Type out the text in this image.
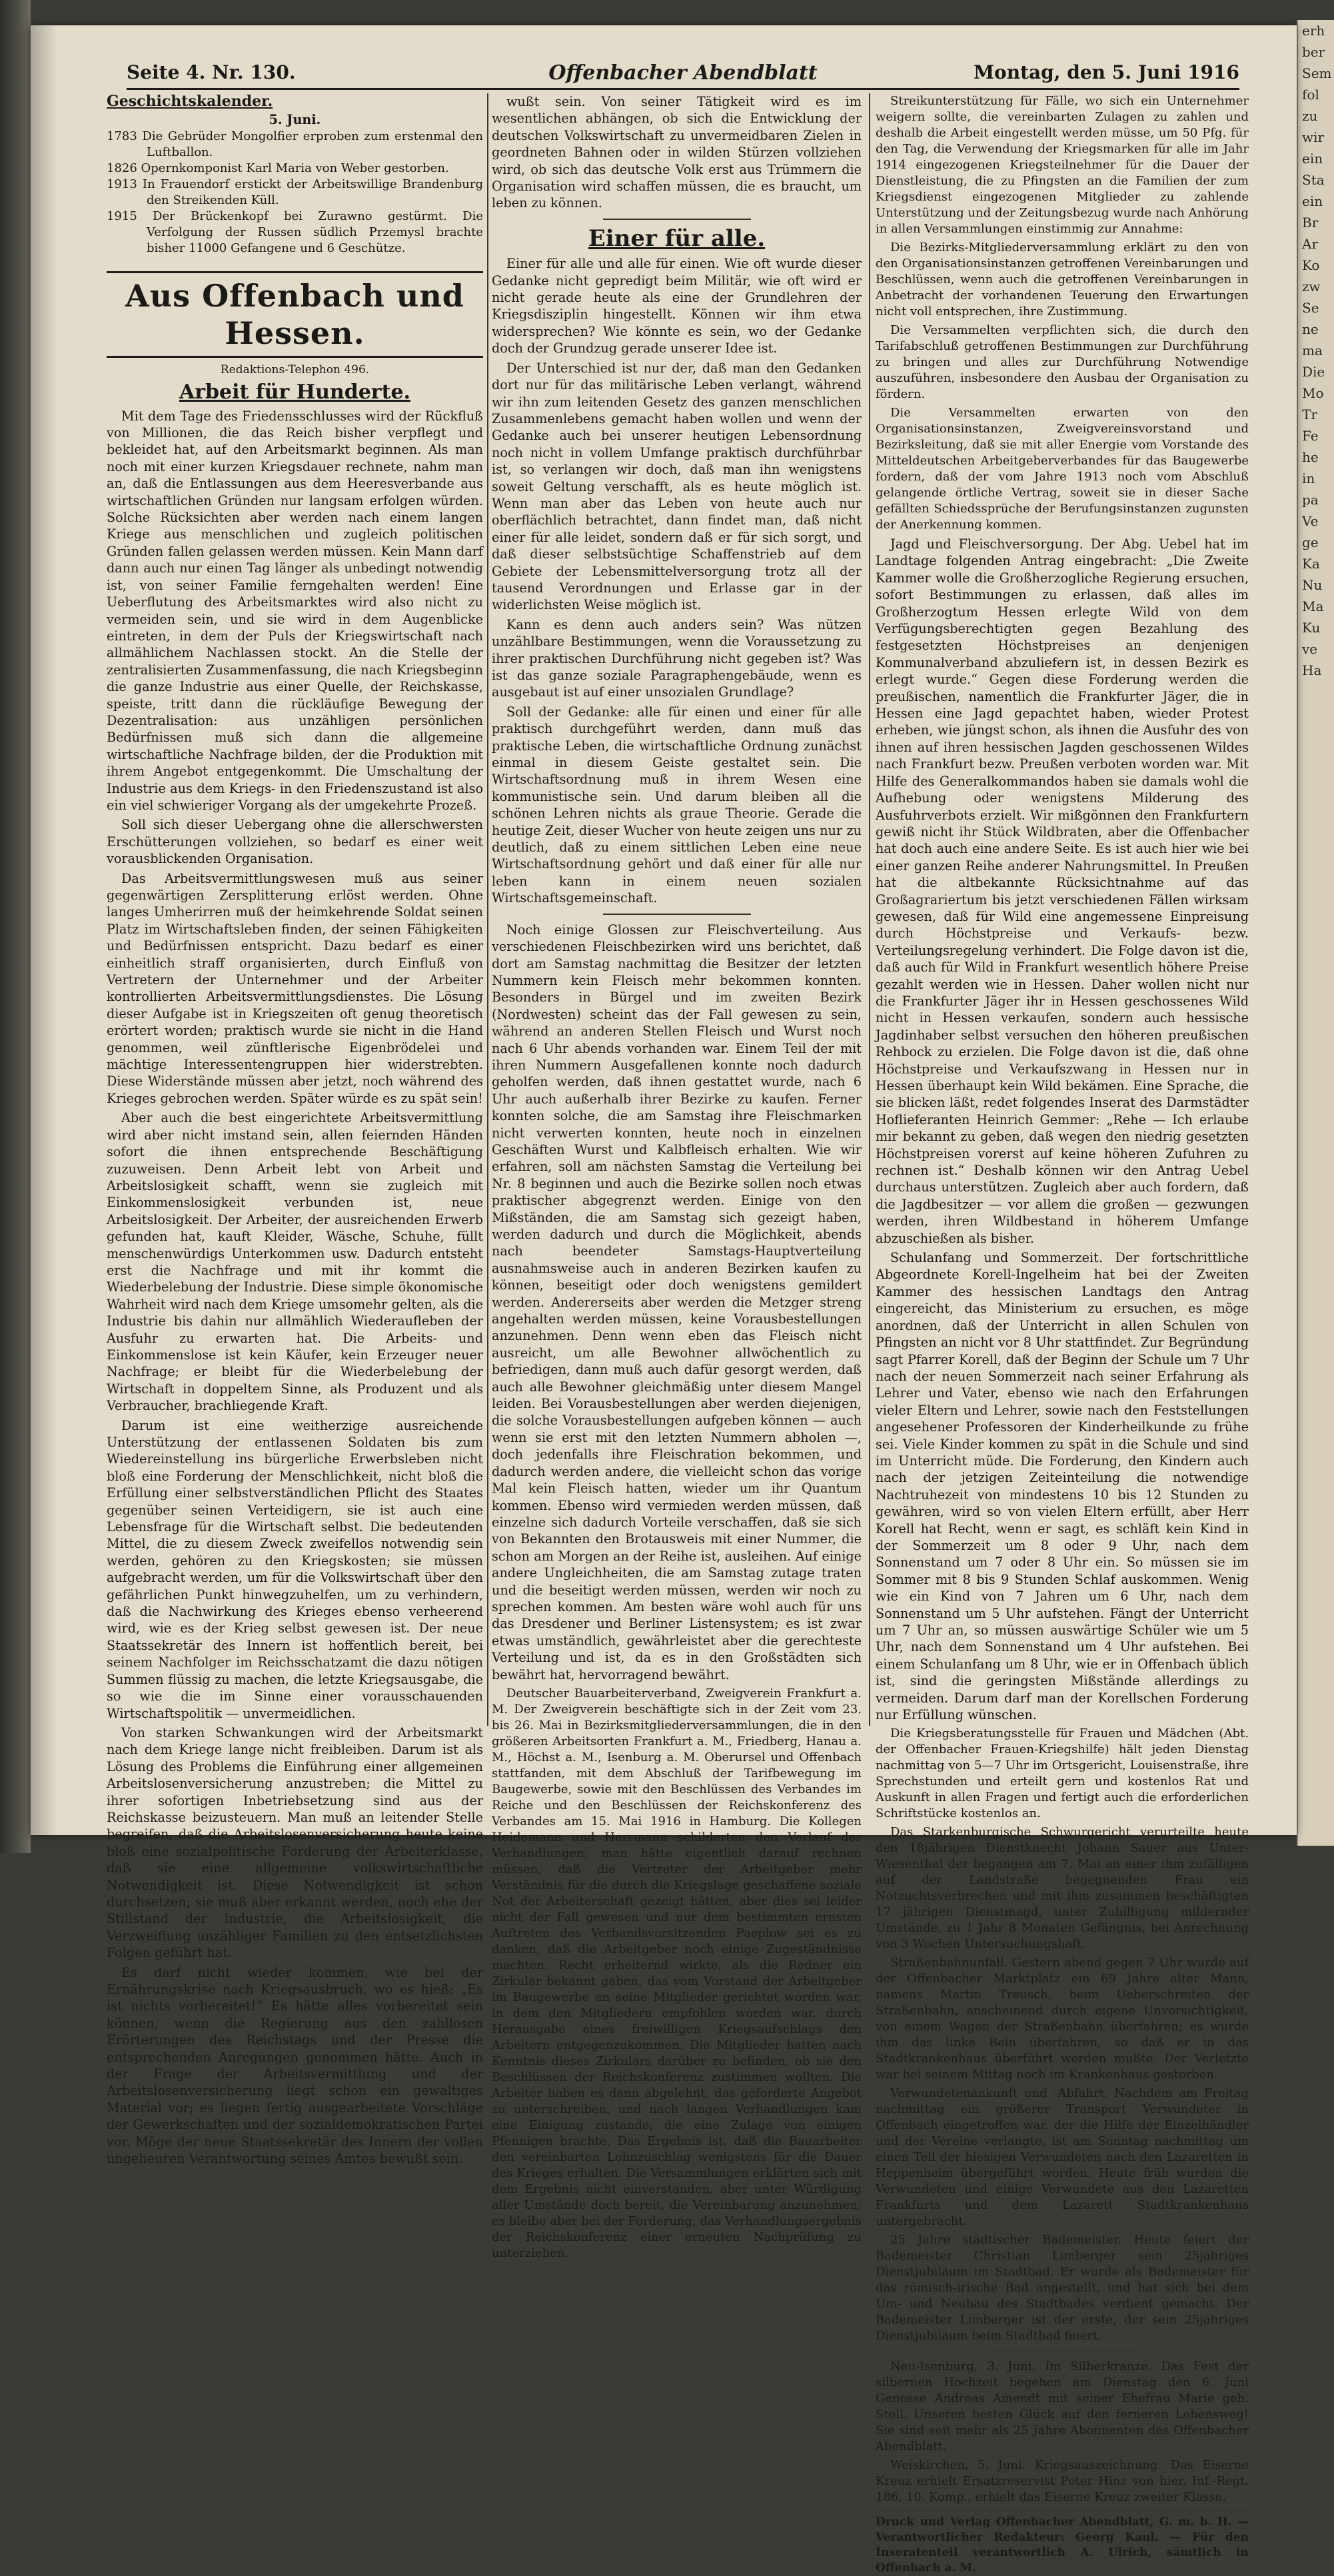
erh
ber
Sem
fol
zu
wir
ein
Sta
ein
Br
Ar
Ko
zw
Se
ne
ma
Die
Mo
Tr
Fe
he
in
pa
Ve
ge
Ka
Nu
Ma
Ku
ve
Ha
Seite 4. Nr. 130.	Offenbacher Abendblatt	Montag, den 5. Juni 1916
Geschichtskalender.
5. Juni.

1783 Die Gebrüder Mongolfier erproben zum erstenmal den Luftballon.

1826 Opernkomponist Karl Maria von Weber gestorben.

1913 In Frauendorf erstickt der Arbeitswillige Brandenburg den Streikenden Küll.

1915 Der Brückenkopf bei Zurawno gestürmt. Die Verfolgung der Russen südlich Przemysl brachte bisher 11000 Gefangene und 6 Geschütze.

Aus Offenbach und Hessen.
Redaktions-Telephon 496.
Arbeit für Hunderte.

Mit dem Tage des Friedensschlusses wird der Rückfluß von Millionen, die das Reich bisher verpflegt und bekleidet hat, auf den Arbeitsmarkt beginnen. Als man noch mit einer kurzen Kriegsdauer rechnete, nahm man an, daß die Entlassungen aus dem Heeresverbande aus wirtschaftlichen Gründen nur langsam erfolgen würden. Solche Rücksichten aber werden nach einem langen Kriege aus menschlichen und zugleich politischen Gründen fallen gelassen werden müssen. Kein Mann darf dann auch nur einen Tag länger als unbedingt notwendig ist, von seiner Familie ferngehalten werden! Eine Ueberflutung des Arbeitsmarktes wird also nicht zu vermeiden sein, und sie wird in dem Augenblicke eintreten, in dem der Puls der Kriegswirtschaft nach allmählichem Nachlassen stockt. An die Stelle der zentralisierten Zusammenfassung, die nach Kriegsbeginn die ganze Industrie aus einer Quelle, der Reichskasse, speiste, tritt dann die rückläufige Bewegung der Dezentralisation: aus unzähligen persönlichen Bedürfnissen muß sich dann die allgemeine wirtschaftliche Nachfrage bilden, der die Produktion mit ihrem Angebot entgegenkommt. Die Umschaltung der Industrie aus dem Kriegs- in den Friedenszustand ist also ein viel schwieriger Vorgang als der umgekehrte Prozeß.

Soll sich dieser Uebergang ohne die allerschwersten Erschütterungen vollziehen, so bedarf es einer weit vorausblickenden Organisation.

Das Arbeitsvermittlungswesen muß aus seiner gegenwärtigen Zersplitterung erlöst werden. Ohne langes Umherirren muß der heimkehrende Soldat seinen Platz im Wirtschaftsleben finden, der seinen Fähigkeiten und Bedürfnissen entspricht. Dazu bedarf es einer einheitlich straff organisierten, durch Einfluß von Vertretern der Unternehmer und der Arbeiter kontrollierten Arbeitsvermittlungsdienstes. Die Lösung dieser Aufgabe ist in Kriegszeiten oft genug theoretisch erörtert worden; praktisch wurde sie nicht in die Hand genommen, weil zünftlerische Eigenbrödelei und mächtige Interessentengruppen hier widerstrebten. Diese Widerstände müssen aber jetzt, noch während des Krieges gebrochen werden. Später würde es zu spät sein!

Aber auch die best eingerichtete Arbeitsvermittlung wird aber nicht imstand sein, allen feiernden Händen sofort die ihnen entsprechende Beschäftigung zuzuweisen. Denn Arbeit lebt von Arbeit und Arbeitslosigkeit schafft, wenn sie zugleich mit Einkommenslosigkeit verbunden ist, neue Arbeitslosigkeit. Der Arbeiter, der ausreichenden Erwerb gefunden hat, kauft Kleider, Wäsche, Schuhe, füllt menschenwürdigs Unterkommen usw. Dadurch entsteht erst die Nachfrage und mit ihr kommt die Wiederbelebung der Industrie. Diese simple ökonomische Wahrheit wird nach dem Kriege umsomehr gelten, als die Industrie bis dahin nur allmählich Wiederaufleben der Ausfuhr zu erwarten hat. Die Arbeits- und Einkommenslose ist kein Käufer, kein Erzeuger neuer Nachfrage; er bleibt für die Wiederbelebung der Wirtschaft in doppeltem Sinne, als Produzent und als Verbraucher, brachliegende Kraft.

Darum ist eine weitherzige ausreichende Unterstützung der entlassenen Soldaten bis zum Wiedereinstellung ins bürgerliche Erwerbsleben nicht bloß eine Forderung der Menschlichkeit, nicht bloß die Erfüllung einer selbstverständlichen Pflicht des Staates gegenüber seinen Verteidigern, sie ist auch eine Lebensfrage für die Wirtschaft selbst. Die bedeutenden Mittel, die zu diesem Zweck zweifellos notwendig sein werden, gehören zu den Kriegskosten; sie müssen aufgebracht werden, um für die Volkswirtschaft über den gefährlichen Punkt hinwegzuhelfen, um zu verhindern, daß die Nachwirkung des Krieges ebenso verheerend wird, wie es der Krieg selbst gewesen ist. Der neue Staatssekretär des Innern ist hoffentlich bereit, bei seinem Nachfolger im Reichsschatzamt die dazu nötigen Summen flüssig zu machen, die letzte Kriegsausgabe, die so wie die im Sinne einer vorausschauenden Wirtschaftspolitik — unvermeidlichen.

Von starken Schwankungen wird der Arbeitsmarkt nach dem Kriege lange nicht freibleiben. Darum ist als Lösung des Problems die Einführung einer allgemeinen Arbeitslosenversicherung anzustreben; die Mittel zu ihrer sofortigen Inbetriebsetzung sind aus der Reichskasse beizusteuern. Man muß an leitender Stelle begreifen, daß die Arbeitslosenversicherung heute keine bloß eine sozialpolitische Forderung der Arbeiterklasse, daß sie eine allgemeine volkswirtschaftliche Notwendigkeit ist. Diese Notwendigkeit ist schon durchsetzen; sie muß aber erkannt werden, noch ehe der Stillstand der Industrie, die Arbeitslosigkeit, die Verzweiflung unzähliger Familien zu den entsetzlichsten Folgen geführt hat.

Es darf nicht wieder kommen, wie bei der Ernährungskrise nach Kriegsausbruch, wo es hieß: „Es ist nichts vorbereitet!“ Es hätte alles vorbereitet sein können, wenn die Regierung aus den zahllosen Erörterungen des Reichstags und der Presse die entsprechenden Anregungen genommen hätte. Auch in der Frage der Arbeitsvermittlung und der Arbeitslosenversicherung liegt schon ein gewaltiges Material vor; es liegen fertig ausgearbeitete Vorschläge der Gewerkschaften und der sozialdemokratischen Partei vor. Möge der neue Staatssekretär des Innern der vollen ungeheuren Verantwortung seines Amtes bewußt sein.

wußt sein. Von seiner Tätigkeit wird es im wesentlichen abhängen, ob sich die Entwicklung der deutschen Volkswirtschaft zu unvermeidbaren Zielen in geordneten Bahnen oder in wilden Stürzen vollziehen wird, ob sich das deutsche Volk erst aus Trümmern die Organisation wird schaffen müssen, die es braucht, um leben zu können.

Einer für alle.

Einer für alle und alle für einen. Wie oft wurde dieser Gedanke nicht gepredigt beim Militär, wie oft wird er nicht gerade heute als eine der Grundlehren der Kriegsdisziplin hingestellt. Können wir ihm etwa widersprechen? Wie könnte es sein, wo der Gedanke doch der Grundzug gerade unserer Idee ist.

Der Unterschied ist nur der, daß man den Gedanken dort nur für das militärische Leben verlangt, während wir ihn zum leitenden Gesetz des ganzen menschlichen Zusammenlebens gemacht haben wollen und wenn der Gedanke auch bei unserer heutigen Lebensordnung noch nicht in vollem Umfange praktisch durchführbar ist, so verlangen wir doch, daß man ihn wenigstens soweit Geltung verschafft, als es heute möglich ist. Wenn man aber das Leben von heute auch nur oberflächlich betrachtet, dann findet man, daß nicht einer für alle leidet, sondern daß er für sich sorgt, und daß dieser selbstsüchtige Schaffenstrieb auf dem Gebiete der Lebensmittelversorgung trotz all der tausend Verordnungen und Erlasse gar in der widerlichsten Weise möglich ist.

Kann es denn auch anders sein? Was nützen unzählbare Bestimmungen, wenn die Voraussetzung zu ihrer praktischen Durchführung nicht gegeben ist? Was ist das ganze soziale Paragraphengebäude, wenn es ausgebaut ist auf einer unsozialen Grundlage?

Soll der Gedanke: alle für einen und einer für alle praktisch durchgeführt werden, dann muß das praktische Leben, die wirtschaftliche Ordnung zunächst einmal in diesem Geiste gestaltet sein. Die Wirtschaftsordnung muß in ihrem Wesen eine kommunistische sein. Und darum bleiben all die schönen Lehren nichts als graue Theorie. Gerade die heutige Zeit, dieser Wucher von heute zeigen uns nur zu deutlich, daß zu einem sittlichen Leben eine neue Wirtschaftsordnung gehört und daß einer für alle nur leben kann in einem neuen sozialen Wirtschaftsgemeinschaft.

Noch einige Glossen zur Fleischverteilung. Aus verschiedenen Fleischbezirken wird uns berichtet, daß dort am Samstag nachmittag die Besitzer der letzten Nummern kein Fleisch mehr bekommen konnten. Besonders in Bürgel und im zweiten Bezirk (Nordwesten) scheint das der Fall gewesen zu sein, während an anderen Stellen Fleisch und Wurst noch nach 6 Uhr abends vorhanden war. Einem Teil der mit ihren Nummern Ausgefallenen konnte noch dadurch geholfen werden, daß ihnen gestattet wurde, nach 6 Uhr auch außerhalb ihrer Bezirke zu kaufen. Ferner konnten solche, die am Samstag ihre Fleischmarken nicht verwerten konnten, heute noch in einzelnen Geschäften Wurst und Kalbfleisch erhalten. Wie wir erfahren, soll am nächsten Samstag die Verteilung bei Nr. 8 beginnen und auch die Bezirke sollen noch etwas praktischer abgegrenzt werden. Einige von den Mißständen, die am Samstag sich gezeigt haben, werden dadurch und durch die Möglichkeit, abends nach beendeter Samstags-Hauptverteilung ausnahmsweise auch in anderen Bezirken kaufen zu können, beseitigt oder doch wenigstens gemildert werden. Andererseits aber werden die Metzger streng angehalten werden müssen, keine Vorausbestellungen anzunehmen. Denn wenn eben das Fleisch nicht ausreicht, um alle Bewohner allwöchentlich zu befriedigen, dann muß auch dafür gesorgt werden, daß auch alle Bewohner gleichmäßig unter diesem Mangel leiden. Bei Vorausbestellungen aber werden diejenigen, die solche Vorausbestellungen aufgeben können — auch wenn sie erst mit den letzten Nummern abholen —, doch jedenfalls ihre Fleischration bekommen, und dadurch werden andere, die vielleicht schon das vorige Mal kein Fleisch hatten, wieder um ihr Quantum kommen. Ebenso wird vermieden werden müssen, daß einzelne sich dadurch Vorteile verschaffen, daß sie sich von Bekannten den Brotausweis mit einer Nummer, die schon am Morgen an der Reihe ist, ausleihen. Auf einige andere Ungleichheiten, die am Samstag zutage traten und die beseitigt werden müssen, werden wir noch zu sprechen kommen. Am besten wäre wohl auch für uns das Dresdener und Berliner Listensystem; es ist zwar etwas umständlich, gewährleistet aber die gerechteste Verteilung und ist, da es in den Großstädten sich bewährt hat, hervorragend bewährt.

Deutscher Bauarbeiterverband, Zweigverein Frankfurt a. M. Der Zweigverein beschäftigte sich in der Zeit vom 23. bis 26. Mai in Bezirksmitgliederversammlungen, die in den größeren Arbeitsorten Frankfurt a. M., Friedberg, Hanau a. M., Höchst a. M., Isenburg a. M. Oberursel und Offenbach stattfanden, mit dem Abschluß der Tarifbewegung im Baugewerbe, sowie mit den Beschlüssen des Verbandes im Reiche und den Beschlüssen der Reichskonferenz des Verbandes am 15. Mai 1916 in Hamburg. Die Kollegen Heidemann und Herrmann schilderten den Verlauf der Verhandlungen; man hätte eigentlich darauf rechnen müssen, daß die Vertreter der Arbeitgeber mehr Verständnis für die durch die Kriegslage geschaffene soziale Not der Arbeiterschaft gezeigt hätten, aber dies sei leider nicht der Fall gewesen und nur dem bestimmten ernsten Auftreten des Verbandsvorsitzenden Paeplow sei es zu danken, daß die Arbeitgeber noch einige Zugeständnisse machten. Recht erheiternd wirkte, als die Redner ein Zirkular bekannt gaben, das vom Vorstand der Arbeitgeber im Baugewerbe an seine Mitglieder gerichtet worden war, in dem den Mitgliedern empfohlen worden war, durch Herausgabe eines freiwilligen Kriegsaufschlags den Arbeitern entgegenzukommen. Die Mitglieder hatten nach Kenntnis dieses Zirkulars darüber zu befinden, ob sie den Beschlüssen der Reichskonferenz zustimmen wollten. Die Arbeiter haben es dann abgelehnt, das geforderte Angebot zu unterschreiben, und nach langen Verhandlungen kam eine Einigung zustande, die eine Zulage von einigen Pfennigen brachte. Das Ergebnis ist, daß die Bauarbeiter den vereinbarten Lohnzuschlag wenigstens für die Dauer des Krieges erhalten. Die Versammlungen erklärten sich mit dem Ergebnis nicht einverstanden, aber unter Würdigung aller Umstände doch bereit, die Vereinbarung anzunehmen; es bleibe aber bei der Forderung, das Verhandlungsergebnis der Reichskonferenz einer erneuten Nachprüfung zu unterziehen.

Streikunterstützung für Fälle, wo sich ein Unternehmer weigern sollte, die vereinbarten Zulagen zu zahlen und deshalb die Arbeit eingestellt werden müsse, um 50 Pfg. für den Tag, die Verwendung der Kriegsmarken für alle im Jahr 1914 eingezogenen Kriegsteilnehmer für die Dauer der Dienstleistung, die zu Pfingsten an die Familien der zum Kriegsdienst eingezogenen Mitglieder zu zahlende Unterstützung und der Zeitungsbezug wurde nach Anhörung in allen Versammlungen einstimmig zur Annahme:

Die Bezirks-Mitgliederversammlung erklärt zu den von den Organisationsinstanzen getroffenen Vereinbarungen und Beschlüssen, wenn auch die getroffenen Vereinbarungen in Anbetracht der vorhandenen Teuerung den Erwartungen nicht voll entsprechen, ihre Zustimmung.

Die Versammelten verpflichten sich, die durch den Tarifabschluß getroffenen Bestimmungen zur Durchführung zu bringen und alles zur Durchführung Notwendige auszuführen, insbesondere den Ausbau der Organisation zu fördern.

Die Versammelten erwarten von den Organisationsinstanzen, Zweigvereinsvorstand und Bezirksleitung, daß sie mit aller Energie vom Vorstande des Mitteldeutschen Arbeitgeberverbandes für das Baugewerbe fordern, daß der vom Jahre 1913 noch vom Abschluß gelangende örtliche Vertrag, soweit sie in dieser Sache gefällten Schiedssprüche der Berufungsinstanzen zugunsten der Anerkennung kommen.

Jagd und Fleischversorgung. Der Abg. Uebel hat im Landtage folgenden Antrag eingebracht: „Die Zweite Kammer wolle die Großherzogliche Regierung ersuchen, sofort Bestimmungen zu erlassen, daß alles im Großherzogtum Hessen erlegte Wild von dem Verfügungsberechtigten gegen Bezahlung des festgesetzten Höchstpreises an denjenigen Kommunalverband abzuliefern ist, in dessen Bezirk es erlegt wurde.“ Gegen diese Forderung werden die preußischen, namentlich die Frankfurter Jäger, die in Hessen eine Jagd gepachtet haben, wieder Protest erheben, wie jüngst schon, als ihnen die Ausfuhr des von ihnen auf ihren hessischen Jagden geschossenen Wildes nach Frankfurt bezw. Preußen verboten worden war. Mit Hilfe des Generalkommandos haben sie damals wohl die Aufhebung oder wenigstens Milderung des Ausfuhrverbots erzielt. Wir mißgönnen den Frankfurtern gewiß nicht ihr Stück Wildbraten, aber die Offenbacher hat doch auch eine andere Seite. Es ist auch hier wie bei einer ganzen Reihe anderer Nahrungsmittel. In Preußen hat die altbekannte Rücksichtnahme auf das Großagrariertum bis jetzt verschiedenen Fällen wirksam gewesen, daß für Wild eine angemessene Einpreisung durch Höchstpreise und Verkaufs- bezw. Verteilungsregelung verhindert. Die Folge davon ist die, daß auch für Wild in Frankfurt wesentlich höhere Preise gezahlt werden wie in Hessen. Daher wollen nicht nur die Frankfurter Jäger ihr in Hessen geschossenes Wild nicht in Hessen verkaufen, sondern auch hessische Jagdinhaber selbst versuchen den höheren preußischen Rehbock zu erzielen. Die Folge davon ist die, daß ohne Höchstpreise und Verkaufszwang in Hessen nur in Hessen überhaupt kein Wild bekämen. Eine Sprache, die sie blicken läßt, redet folgendes Inserat des Darmstädter Hoflieferanten Heinrich Gemmer: „Rehe — Ich erlaube mir bekannt zu geben, daß wegen den niedrig gesetzten Höchstpreisen vorerst auf keine höheren Zufuhren zu rechnen ist.“ Deshalb können wir den Antrag Uebel durchaus unterstützen. Zugleich aber auch fordern, daß die Jagdbesitzer — vor allem die großen — gezwungen werden, ihren Wildbestand in höherem Umfange abzuschießen als bisher.

Schulanfang und Sommerzeit. Der fortschrittliche Abgeordnete Korell-Ingelheim hat bei der Zweiten Kammer des hessischen Landtags den Antrag eingereicht, das Ministerium zu ersuchen, es möge anordnen, daß der Unterricht in allen Schulen von Pfingsten an nicht vor 8 Uhr stattfindet. Zur Begründung sagt Pfarrer Korell, daß der Beginn der Schule um 7 Uhr nach der neuen Sommerzeit nach seiner Erfahrung als Lehrer und Vater, ebenso wie nach den Erfahrungen vieler Eltern und Lehrer, sowie nach den Feststellungen angesehener Professoren der Kinderheilkunde zu frühe sei. Viele Kinder kommen zu spät in die Schule und sind im Unterricht müde. Die Forderung, den Kindern auch nach der jetzigen Zeiteinteilung die notwendige Nachtruhezeit von mindestens 10 bis 12 Stunden zu gewähren, wird so von vielen Eltern erfüllt, aber Herr Korell hat Recht, wenn er sagt, es schläft kein Kind in der Sommerzeit um 8 oder 9 Uhr, nach dem Sonnenstand um 7 oder 8 Uhr ein. So müssen sie im Sommer mit 8 bis 9 Stunden Schlaf auskommen. Wenig wie ein Kind von 7 Jahren um 6 Uhr, nach dem Sonnenstand um 5 Uhr aufstehen. Fängt der Unterricht um 7 Uhr an, so müssen auswärtige Schüler wie um 5 Uhr, nach dem Sonnenstand um 4 Uhr aufstehen. Bei einem Schulanfang um 8 Uhr, wie er in Offenbach üblich ist, sind die geringsten Mißstände allerdings zu vermeiden. Darum darf man der Korellschen Forderung nur Erfüllung wünschen.

Die Kriegsberatungsstelle für Frauen und Mädchen (Abt. der Offenbacher Frauen-Kriegshilfe) hält jeden Dienstag nachmittag von 5—7 Uhr im Ortsgericht, Louisenstraße, ihre Sprechstunden und erteilt gern und kostenlos Rat und Auskunft in allen Fragen und fertigt auch die erforderlichen Schriftstücke kostenlos an.

Das Starkenburgische Schwurgericht verurteilte heute den 18jährigen Dienstknecht Johann Sauer aus Unter-Wiesenthal der begangen am 7. Mai an einer ihm zufälligen auf der Landstraße begegnenden Frau ein Notzuchtsverbrechen und mit ihm zusammen beschäftigten 17 jährigen Dienstmagd, unter Zubilligung mildernder Umstände, zu 1 Jahr 8 Monaten Gefängnis, bei Anrechnung von 3 Wochen Untersuchungshaft.

Straßenbahnunfall. Gestern abend gegen 7 Uhr wurde auf der Offenbacher Marktplatz ein 69 Jahre alter Mann, namens Martin Treusch, beim Ueberschreiten der Straßenbahn, anscheinend durch eigene Unvorsichtigkeit, von einem Wagen der Straßenbahn überfahren; es wurde ihm das linke Bein überfahren, so daß er in das Stadtkrankenhaus überführt werden mußte. Der Verletzte war bei seinem Mittag noch im Krankenhaus gestorben.

Verwundetenankunft und -Abfahrt. Nachdem am Freitag nachmittag ein größerer Transport Verwundeter in Offenbach eingetroffen war, der die Hilfe der Einzelhändler und der Vereine verlangte, ist am Sonntag nachmittag um einen Teil der hiesigen Verwundeten nach den Lazaretten in Heppenheim übergeführt worden. Heute früh wurden die Verwundeten und einige Verwundete aus den Lazaretten Frankfurts und dem Lazarett Stadtkrankenhaus untergebracht.

25 Jahre städtischer Bademeister. Heute feiert der Bademeister Christian Limberger sein 25jähriges Dienstjubiläum im Stadtbad. Er wurde als Bademeister für das römisch-irische Bad angestellt, und hat sich bei dem Um- und Neubau des Stadtbades verdient gemacht. Der Bademeister Limberger ist der erste, der sein 25jähriges Dienstjubiläum beim Stadtbad feiert.

Neu-Isenburg, 3. Juni. Im Silberkranze. Das Fest der silbernen Hochzeit begehen am Dienstag den 6. Juni Genosse Andreas Amendt mit seiner Ehefrau Marie geb. Stoll. Unseren besten Glück auf den ferneren Lebensweg! Sie sind seit mehr als 25 Jahre Abonnenten des Offenbacher Abendblatt.

Weiskirchen, 5. Juni. Kriegsauszeichnung. Das Eiserne Kreuz erhielt Ersatzreservist Peter Hinz von hier, Inf.-Regt. 186, 10. Komp., erhielt das Eiserne Kreuz zweiter Klasse.

Druck und Verlag Offenbacher Abendblatt, G. m. b. H. — Verantwortlicher Redakteur: Georg Kaul. — Für den Inseratenteil verantwortlich A. Ulrich, sämtlich in Offenbach a. M.
